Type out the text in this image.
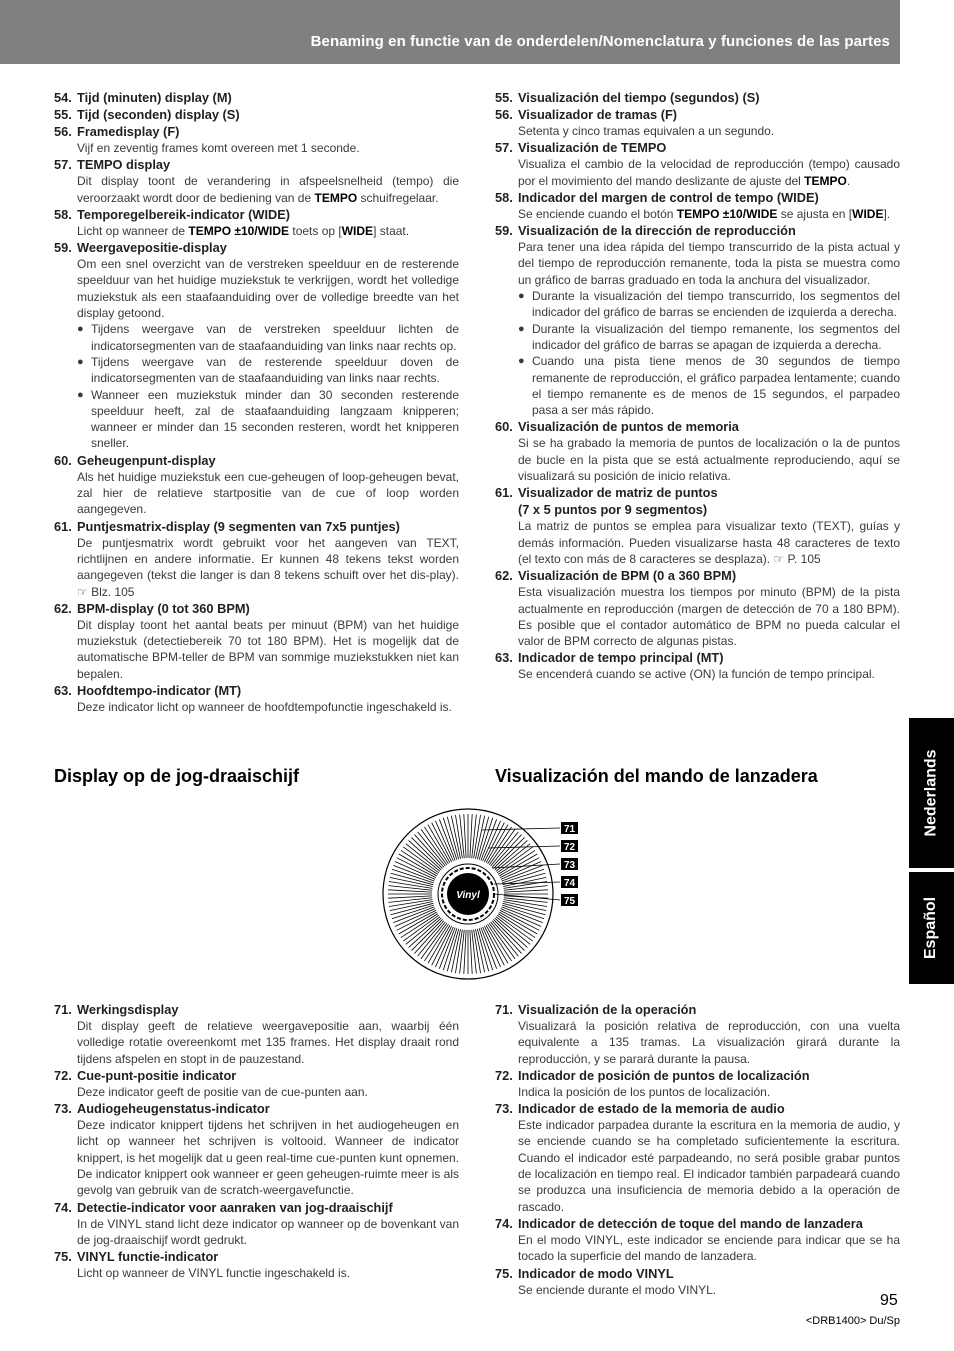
Benaming en functie van de onderdelen/Nomenclatura y funciones de las partes
54. Tijd (minuten) display (M)
55. Tijd (seconden) display (S)
56. Framedisplay (F)
Vijf en zeventig frames komt overeen met 1 seconde.
57. TEMPO display
Dit display toont de verandering in afspeelsnelheid (tempo) die veroorzaakt wordt door de bediening van de TEMPO schuifregelaar.
58. Temporegelbereik-indicator (WIDE)
Licht op wanneer de TEMPO ±10/WIDE toets op [WIDE] staat.
59. Weergavepositie-display
Om een snel overzicht van de verstreken speelduur en de resterende speelduur van het huidige muziekstuk te verkrijgen, wordt het volledige muziekstuk als een staafaanduiding over de volledige breedte van het display getoond.
● Tijdens weergave van de verstreken speelduur lichten de indicatorsegmenten van de staafaanduiding van links naar rechts op.
● Tijdens weergave van de resterende speelduur doven de indicatorsegmenten van de staafaanduiding van links naar rechts.
● Wanneer een muziekstuk minder dan 30 seconden resterende speelduur heeft, zal de staafaanduiding langzaam knipperen; wanneer er minder dan 15 seconden resteren, wordt het knipperen sneller.
60. Geheugenpunt-display
Als het huidige muziekstuk een cue-geheugen of loop-geheugen bevat, zal hier de relatieve startpositie van de cue of loop worden aangegeven.
61. Puntjesmatrix-display (9 segmenten van 7x5 puntjes)
De puntjesmatrix wordt gebruikt voor het aangeven van TEXT, richtlijnen en andere informatie. Er kunnen 48 tekens tekst worden aangegeven (tekst die langer is dan 8 tekens schuift over het dis-play). ☞ Blz. 105
62. BPM-display (0 tot 360 BPM)
Dit display toont het aantal beats per minuut (BPM) van het huidige muziekstuk (detectiebereik 70 tot 180 BPM). Het is mogelijk dat de automatische BPM-teller de BPM van sommige muziekstukken niet kan bepalen.
63. Hoofdtempo-indicator (MT)
Deze indicator licht op wanneer de hoofdtempofunctie ingeschakeld is.
55. Visualización del tiempo (segundos) (S)
56. Visualizador de tramas (F)
Setenta y cinco tramas equivalen a un segundo.
57. Visualización de TEMPO
Visualiza el cambio de la velocidad de reproducción (tempo) causado por el movimiento del mando deslizante de ajuste del TEMPO.
58. Indicador del margen de control de tempo (WIDE)
Se enciende cuando el botón TEMPO ±10/WIDE se ajusta en [WIDE].
59. Visualización de la dirección de reproducción
Para tener una idea rápida del tiempo transcurrido de la pista actual y del tiempo de reproducción remanente, toda la pista se muestra como un gráfico de barras graduado en toda la anchura del visualizador.
● Durante la visualización del tiempo transcurrido, los segmentos del indicador del gráfico de barras se encienden de izquierda a derecha.
● Durante la visualización del tiempo remanente, los segmentos del indicador del gráfico de barras se apagan de izquierda a derecha.
● Cuando una pista tiene menos de 30 segundos de tiempo remanente de reproducción, el gráfico parpadea lentamente; cuando el tiempo remanente es de menos de 15 segundos, el parpadeo pasa a ser más rápido.
60. Visualización de puntos de memoria
Si se ha grabado la memoria de puntos de localización o la de puntos de bucle en la pista que se está actualmente reproduciendo, aquí se visualizará su posición de inicio relativa.
61. Visualizador de matriz de puntos
(7 x 5 puntos por 9 segmentos)
La matriz de puntos se emplea para visualizar texto (TEXT), guías y demás información. Pueden visualizarse hasta 48 caracteres de texto (el texto con más de 8 caracteres se desplaza). ☞ P. 105
62. Visualización de BPM (0 a 360 BPM)
Esta visualización muestra los tiempos por minuto (BPM) de la pista actualmente en reproducción (margen de detección de 70 a 180 BPM). Es posible que el contador automático de BPM no pueda calcular el valor de BPM correcto de algunas pistas.
63. Indicador de tempo principal (MT)
Se encenderá cuando se active (ON) la función de tempo principal.
Display op de jog-draaischijf	Visualización del mando de lanzadera	Nederlands
Español
Vinyl
71
72
73
74
75
71. Werkingsdisplay
Dit display geeft de relatieve weergavepositie aan, waarbij één volledige rotatie overeenkomt met 135 frames. Het display draait rond tijdens afspelen en stopt in de pauzestand.
72. Cue-punt-positie indicator
Deze indicator geeft de positie van de cue-punten aan.
73. Audiogeheugenstatus-indicator
Deze indicator knippert tijdens het schrijven in het audiogeheugen en licht op wanneer het schrijven is voltooid. Wanneer de indicator knippert, is het mogelijk dat u geen real-time cue-punten kunt opnemen. De indicator knippert ook wanneer er geen geheugen-ruimte meer is als gevolg van gebruik van de scratch-weergavefunctie.
74. Detectie-indicator voor aanraken van jog-draaischijf
In de VINYL stand licht deze indicator op wanneer op de bovenkant van de jog-draaischijf wordt gedrukt.
75. VINYL functie-indicator
Licht op wanneer de VINYL functie ingeschakeld is.
71. Visualización de la operación
Visualizará la posición relativa de reproducción, con una vuelta equivalente a 135 tramas. La visualización girará durante la reproducción, y se parará durante la pausa.
72. Indicador de posición de puntos de localización
Indica la posición de los puntos de localización.
73. Indicador de estado de la memoria de audio
Este indicador parpadea durante la escritura en la memoria de audio, y se enciende cuando se ha completado suficientemente la escritura. Cuando el indicador esté parpadeando, no será posible grabar puntos de localización en tiempo real. El indicador también parpadeará cuando se produzca una insuficiencia de memoria debido a la operación de rascado.
74. Indicador de detección de toque del mando de lanzadera
En el modo VINYL, este indicador se enciende para indicar que se ha tocado la superficie del mando de lanzadera.
75. Indicador de modo VINYL
Se enciende durante el modo VINYL.
95
<DRB1400> Du/Sp
